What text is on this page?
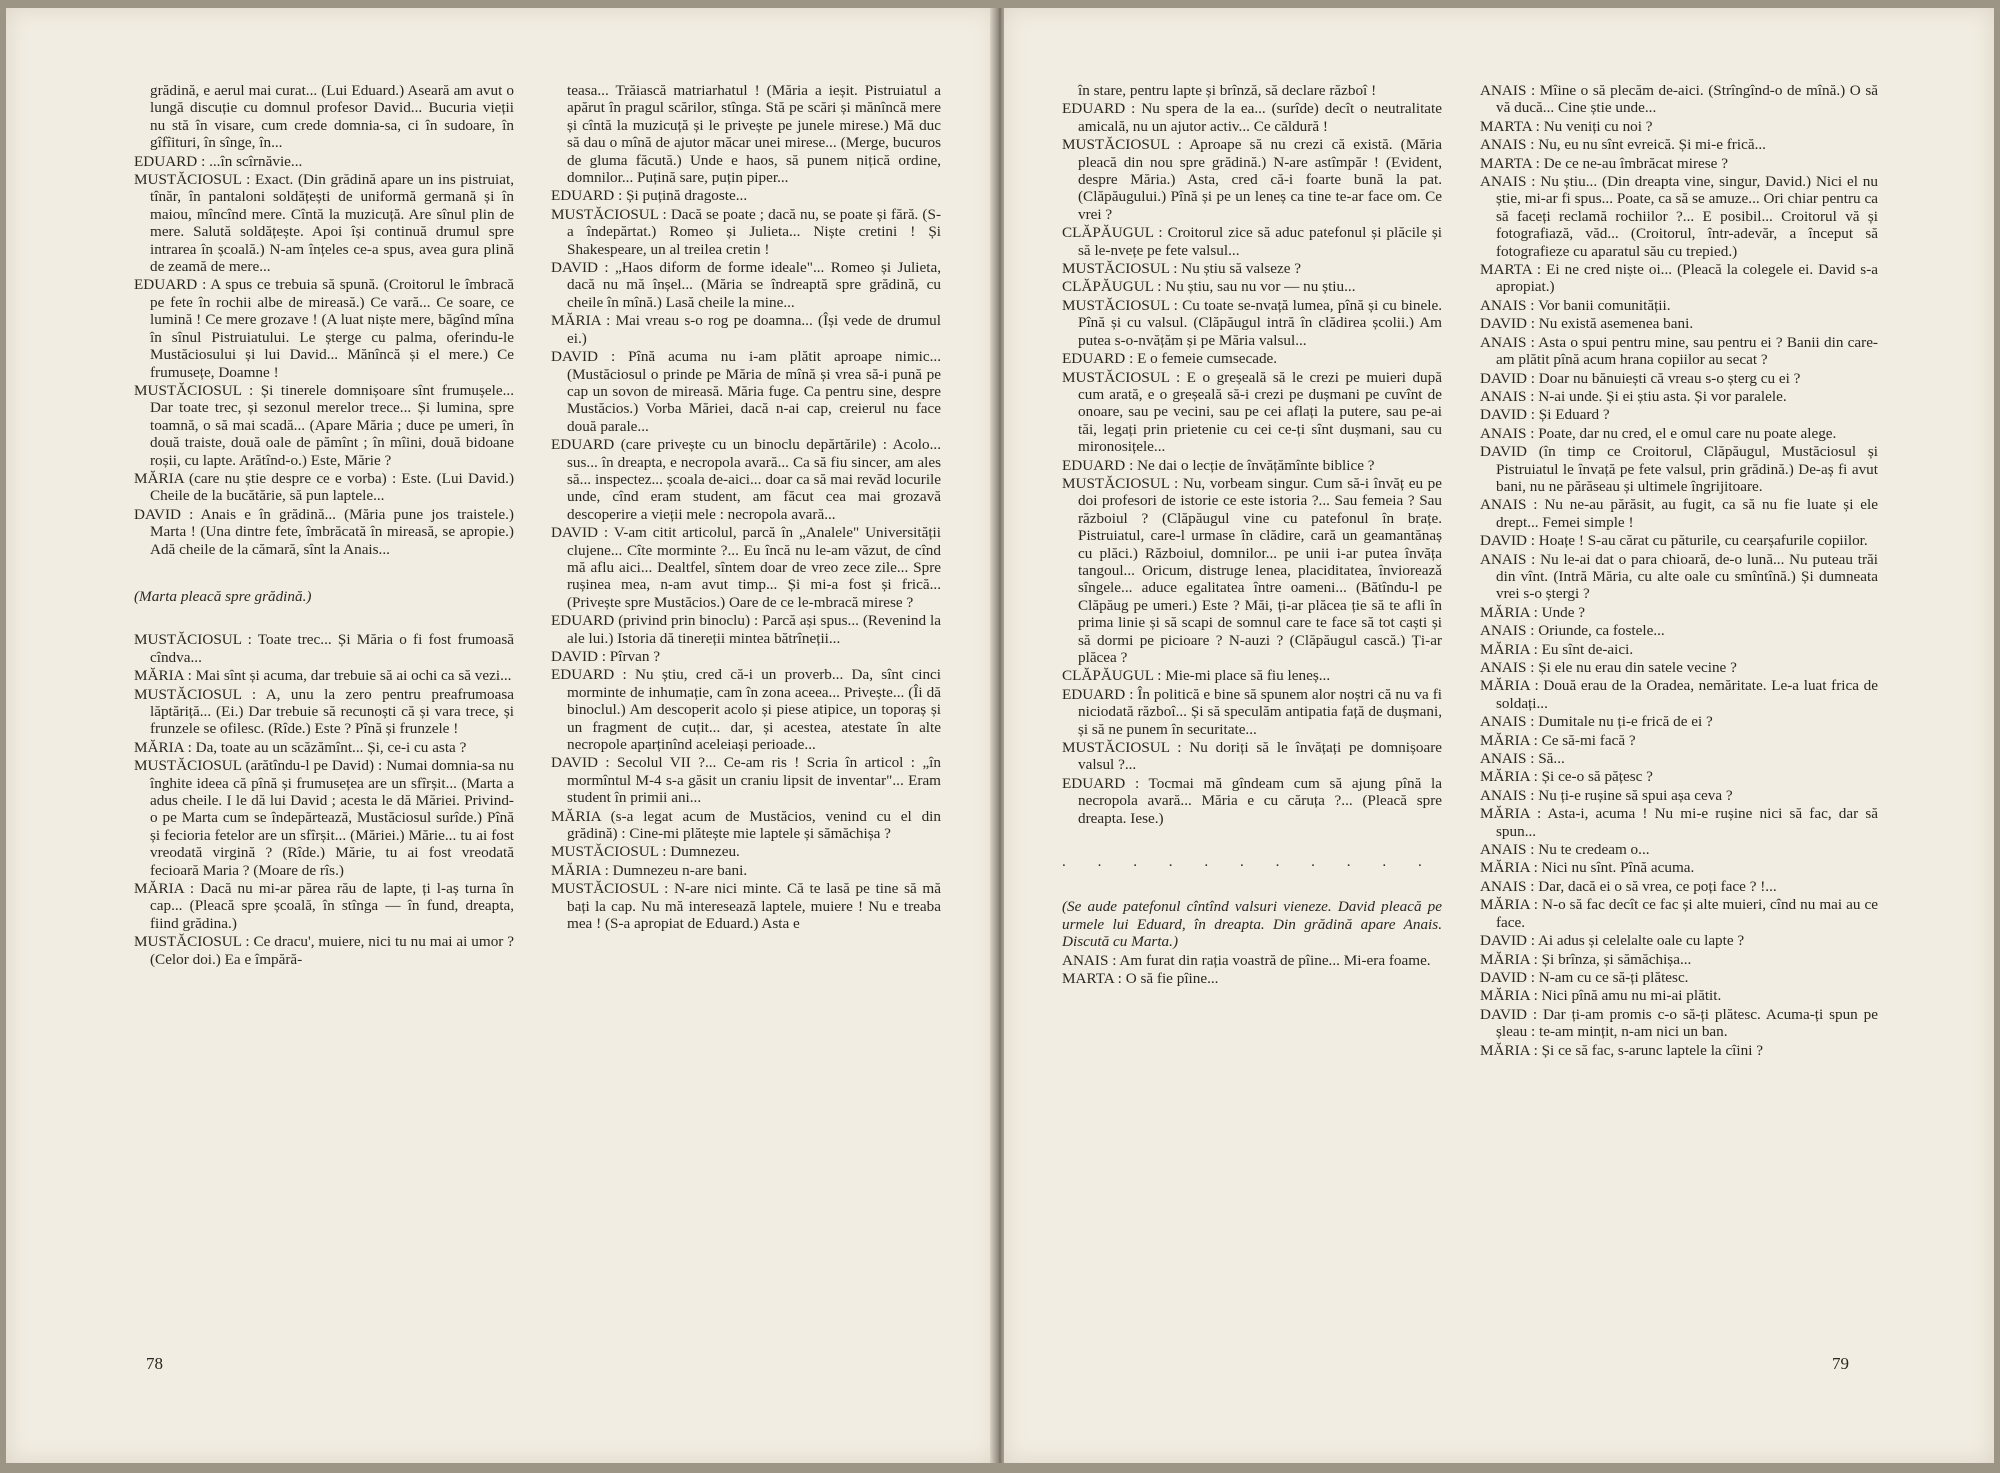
grădină, e aerul mai curat... (Lui Eduard.) Aseară am avut o lungă discuție cu domnul profesor David... Bucuria vieții nu stă în visare, cum crede domnia-sa, ci în sudoare, în gîfîituri, în sînge, în...

EDUARD : ...în scîrnăvie...

MUSTĂCIOSUL : Exact. (Din grădină apare un ins pistruiat, tînăr, în pantaloni soldățești de uniformă germană și în maiou, mîncînd mere. Cîntă la muzicuță. Are sînul plin de mere. Salută soldățește. Apoi își continuă drumul spre intrarea în școală.) N-am înțeles ce-a spus, avea gura plină de zeamă de mere...

EDUARD : A spus ce trebuia să spună. (Croitorul le îmbracă pe fete în rochii albe de mireasă.) Ce vară... Ce soare, ce lumină ! Ce mere grozave ! (A luat niște mere, băgînd mîna în sînul Pistruiatului. Le șterge cu palma, oferindu-le Mustăciosului și lui David... Mănîncă și el mere.) Ce frumusețe, Doamne !

MUSTĂCIOSUL : Și tinerele domnișoare sînt frumușele... Dar toate trec, și sezonul merelor trece... Și lumina, spre toamnă, o să mai scadă... (Apare Măria ; duce pe umeri, în două traiste, două oale de pămînt ; în mîini, două bidoane roșii, cu lapte. Arătînd-o.) Este, Mărie ?

MĂRIA (care nu știe despre ce e vorba) : Este. (Lui David.) Cheile de la bucătărie, să pun laptele...

DAVID : Anais e în grădină... (Măria pune jos traistele.) Marta ! (Una dintre fete, îmbrăcată în mireasă, se apropie.) Adă cheile de la cămară, sînt la Anais...

(Marta pleacă spre grădină.)

MUSTĂCIOSUL : Toate trec... Și Măria o fi fost frumoasă cîndva...

MĂRIA : Mai sînt și acuma, dar trebuie să ai ochi ca să vezi...

MUSTĂCIOSUL : A, unu la zero pentru preafrumoasa lăptăriță... (Ei.) Dar trebuie să recunoști că și vara trece, și frunzele se ofilesc. (Rîde.) Este ? Pînă și frunzele !

MĂRIA : Da, toate au un scăzămînt... Și, ce-i cu asta ?

MUSTĂCIOSUL (arătîndu-l pe David) : Numai domnia-sa nu înghite ideea că pînă și frumusețea are un sfîrșit... (Marta a adus cheile. I le dă lui David ; acesta le dă Măriei. Privind-o pe Marta cum se îndepărtează, Mustăciosul surîde.) Pînă și fecioria fetelor are un sfîrșit... (Măriei.) Mărie... tu ai fost vreodată virgină ? (Rîde.) Mărie, tu ai fost vreodată fecioară Maria ? (Moare de rîs.)

MĂRIA : Dacă nu mi-ar părea rău de lapte, ți l-aș turna în cap... (Pleacă spre școală, în stînga — în fund, dreapta, fiind grădina.)

MUSTĂCIOSUL : Ce dracu', muiere, nici tu nu mai ai umor ? (Celor doi.) Ea e împără-

teasa... Trăiască matriarhatul ! (Măria a ieșit. Pistruiatul a apărut în pragul scărilor, stînga. Stă pe scări și mănîncă mere și cîntă la muzicuță și le privește pe junele mirese.) Mă duc să dau o mînă de ajutor măcar unei mirese... (Merge, bucuros de gluma făcută.) Unde e haos, să punem nițică ordine, domnilor... Puțină sare, puțin piper...

EDUARD : Și puțină dragoste...

MUSTĂCIOSUL : Dacă se poate ; dacă nu, se poate și fără. (S-a îndepărtat.) Romeo și Julieta... Niște cretini ! Și Shakespeare, un al treilea cretin !

DAVID : „Haos diform de forme ideale"... Romeo și Julieta, dacă nu mă înșel... (Măria se îndreaptă spre grădină, cu cheile în mînă.) Lasă cheile la mine...

MĂRIA : Mai vreau s-o rog pe doamna... (Își vede de drumul ei.)

DAVID : Pînă acuma nu i-am plătit aproape nimic... (Mustăciosul o prinde pe Măria de mînă și vrea să-i pună pe cap un sovon de mireasă. Măria fuge. Ca pentru sine, despre Mustăcios.) Vorba Măriei, dacă n-ai cap, creierul nu face două parale...

EDUARD (care privește cu un binoclu depărtările) : Acolo... sus... în dreapta, e necropola avară... Ca să fiu sincer, am ales să... inspectez... școala de-aici... doar ca să mai revăd locurile unde, cînd eram student, am făcut cea mai grozavă descoperire a vieții mele : necropola avară...

DAVID : V-am citit articolul, parcă în „Analele" Universității clujene... Cîte morminte ?... Eu încă nu le-am văzut, de cînd mă aflu aici... Dealtfel, sîntem doar de vreo zece zile... Spre rușinea mea, n-am avut timp... Și mi-a fost și frică... (Privește spre Mustăcios.) Oare de ce le-mbracă mirese ?

EDUARD (privind prin binoclu) : Parcă ași spus... (Revenind la ale lui.) Istoria dă tinereții mintea bătrîneții...

DAVID : Pîrvan ?

EDUARD : Nu știu, cred că-i un proverb... Da, sînt cinci morminte de inhumație, cam în zona aceea... Privește... (Îi dă binoclul.) Am descoperit acolo și piese atipice, un toporaș și un fragment de cuțit... dar, și acestea, atestate în alte necropole aparținînd aceleiași perioade...

DAVID : Secolul VII ?... Ce-am ris ! Scria în articol : „în mormîntul M-4 s-a găsit un craniu lipsit de inventar"... Eram student în primii ani...

MĂRIA (s-a legat acum de Mustăcios, venind cu el din grădină) : Cine-mi plătește mie laptele și sămăchișa ?

MUSTĂCIOSUL : Dumnezeu.

MĂRIA : Dumnezeu n-are bani.

MUSTĂCIOSUL : N-are nici minte. Că te lasă pe tine să mă bați la cap. Nu mă interesează laptele, muiere ! Nu e treaba mea ! (S-a apropiat de Eduard.) Asta e

78

în stare, pentru lapte și brînză, să declare războî !

EDUARD : Nu spera de la ea... (surîde) decît o neutralitate amicală, nu un ajutor activ... Ce căldură !

MUSTĂCIOSUL : Aproape să nu crezi că există. (Măria pleacă din nou spre grădină.) N-are astîmpăr ! (Evident, despre Măria.) Asta, cred că-i foarte bună la pat. (Clăpăugului.) Pînă și pe un leneș ca tine te-ar face om. Ce vrei ?

CLĂPĂUGUL : Croitorul zice să aduc patefonul și plăcile și să le-nvețe pe fete valsul...

MUSTĂCIOSUL : Nu știu să valseze ?

CLĂPĂUGUL : Nu știu, sau nu vor — nu știu...

MUSTĂCIOSUL : Cu toate se-nvață lumea, pînă și cu binele. Pînă și cu valsul. (Clăpăugul intră în clădirea școlii.) Am putea s-o-nvățăm și pe Măria valsul...

EDUARD : E o femeie cumsecade.

MUSTĂCIOSUL : E o greșeală să le crezi pe muieri după cum arată, e o greșeală să-i crezi pe dușmani pe cuvînt de onoare, sau pe vecini, sau pe cei aflați la putere, sau pe-ai tăi, legați prin prietenie cu cei ce-ți sînt dușmani, sau cu mironosițele...

EDUARD : Ne dai o lecție de învățămînte biblice ?

MUSTĂCIOSUL : Nu, vorbeam singur. Cum să-i învăț eu pe doi profesori de istorie ce este istoria ?... Sau femeia ? Sau războiul ? (Clăpăugul vine cu patefonul în brațe. Pistruiatul, care-l urmase în clădire, cară un geamantănaș cu plăci.) Războiul, domnilor... pe unii i-ar putea învăța tangoul... Oricum, distruge lenea, placiditatea, învioreazǎ sîngele... aduce egalitatea între oameni... (Bătîndu-l pe Clăpăug pe umeri.) Este ? Măi, ți-ar plăcea ție să te afli în prima linie și să scapi de somnul care te face să tot caști și să dormi pe picioare ? N-auzi ? (Clăpăugul cască.) Ți-ar plăcea ?

CLĂPĂUGUL : Mie-mi place să fiu leneș...

EDUARD : În politică e bine să spunem alor noștri că nu va fi niciodată războî... Și să speculăm antipatia față de dușmani, și să ne punem în securitate...

MUSTĂCIOSUL : Nu doriți să le învățați pe domnișoare valsul ?...

EDUARD : Tocmai mă gîndeam cum să ajung pînă la necropola avară... Măria e cu căruța ?... (Pleacă spre dreapta. Iese.)

. . . . . . . . . . .

(Se aude patefonul cîntînd valsuri vieneze. David pleacă pe urmele lui Eduard, în dreapta. Din grădină apare Anais. Discută cu Marta.)

ANAIS : Am furat din rația voastră de pîine... Mi-era foame.

MARTA : O să fie pîine...

ANAIS : Mîine o să plecăm de-aici. (Strîngînd-o de mînă.) O să vă ducă... Cine știe unde...

MARTA : Nu veniți cu noi ?

ANAIS : Nu, eu nu sînt evreică. Și mi-e frică...

MARTA : De ce ne-au îmbrăcat mirese ?

ANAIS : Nu știu... (Din dreapta vine, singur, David.) Nici el nu știe, mi-ar fi spus... Poate, ca să se amuze... Ori chiar pentru ca să faceți reclamă rochiilor ?... E posibil... Croitorul vă și fotografiază, văd... (Croitorul, într-adevăr, a început să fotografieze cu aparatul său cu trepied.)

MARTA : Ei ne cred niște oi... (Pleacă la colegele ei. David s-a apropiat.)

ANAIS : Vor banii comunității.

DAVID : Nu există asemenea bani.

ANAIS : Asta o spui pentru mine, sau pentru ei ? Banii din care-am plătit pînă acum hrana copiilor au secat ?

DAVID : Doar nu bănuiești că vreau s-o șterg cu ei ?

ANAIS : N-ai unde. Și ei știu asta. Și vor paralele.

DAVID : Și Eduard ?

ANAIS : Poate, dar nu cred, el e omul care nu poate alege.

DAVID (în timp ce Croitorul, Clăpăugul, Mustăciosul și Pistruiatul le învață pe fete valsul, prin grădină.) De-aș fi avut bani, nu ne părăseau și ultimele îngrijitoare.

ANAIS : Nu ne-au părăsit, au fugit, ca să nu fie luate și ele drept... Femei simple !

DAVID : Hoațe ! S-au cărat cu păturile, cu cearșafurile copiilor.

ANAIS : Nu le-ai dat o para chioară, de-o lună... Nu puteau trăi din vînt. (Intră Măria, cu alte oale cu smîntînă.) Și dumneata vrei s-o ștergi ?

MĂRIA : Unde ?

ANAIS : Oriunde, ca fostele...

MĂRIA : Eu sînt de-aici.

ANAIS : Și ele nu erau din satele vecine ?

MĂRIA : Două erau de la Oradea, nemăritate. Le-a luat frica de soldați...

ANAIS : Dumitale nu ți-e frică de ei ?

MĂRIA : Ce să-mi facă ?

ANAIS : Să...

MĂRIA : Și ce-o să pățesc ?

ANAIS : Nu ți-e rușine să spui așa ceva ?

MĂRIA : Asta-i, acuma ! Nu mi-e rușine nici să fac, dar să spun...

ANAIS : Nu te credeam o...

MĂRIA : Nici nu sînt. Pînă acuma.

ANAIS : Dar, dacă ei o să vrea, ce poți face ? !...

MĂRIA : N-o să fac decît ce fac și alte muieri, cînd nu mai au ce face.

DAVID : Ai adus și celelalte oale cu lapte ?

MĂRIA : Și brînza, și sămăchișa...

DAVID : N-am cu ce să-ți plătesc.

MĂRIA : Nici pînă amu nu mi-ai plătit.

DAVID : Dar ți-am promis c-o să-ți plătesc. Acuma-ți spun pe șleau : te-am mințit, n-am nici un ban.

MĂRIA : Și ce să fac, s-arunc laptele la cîini ?

79
